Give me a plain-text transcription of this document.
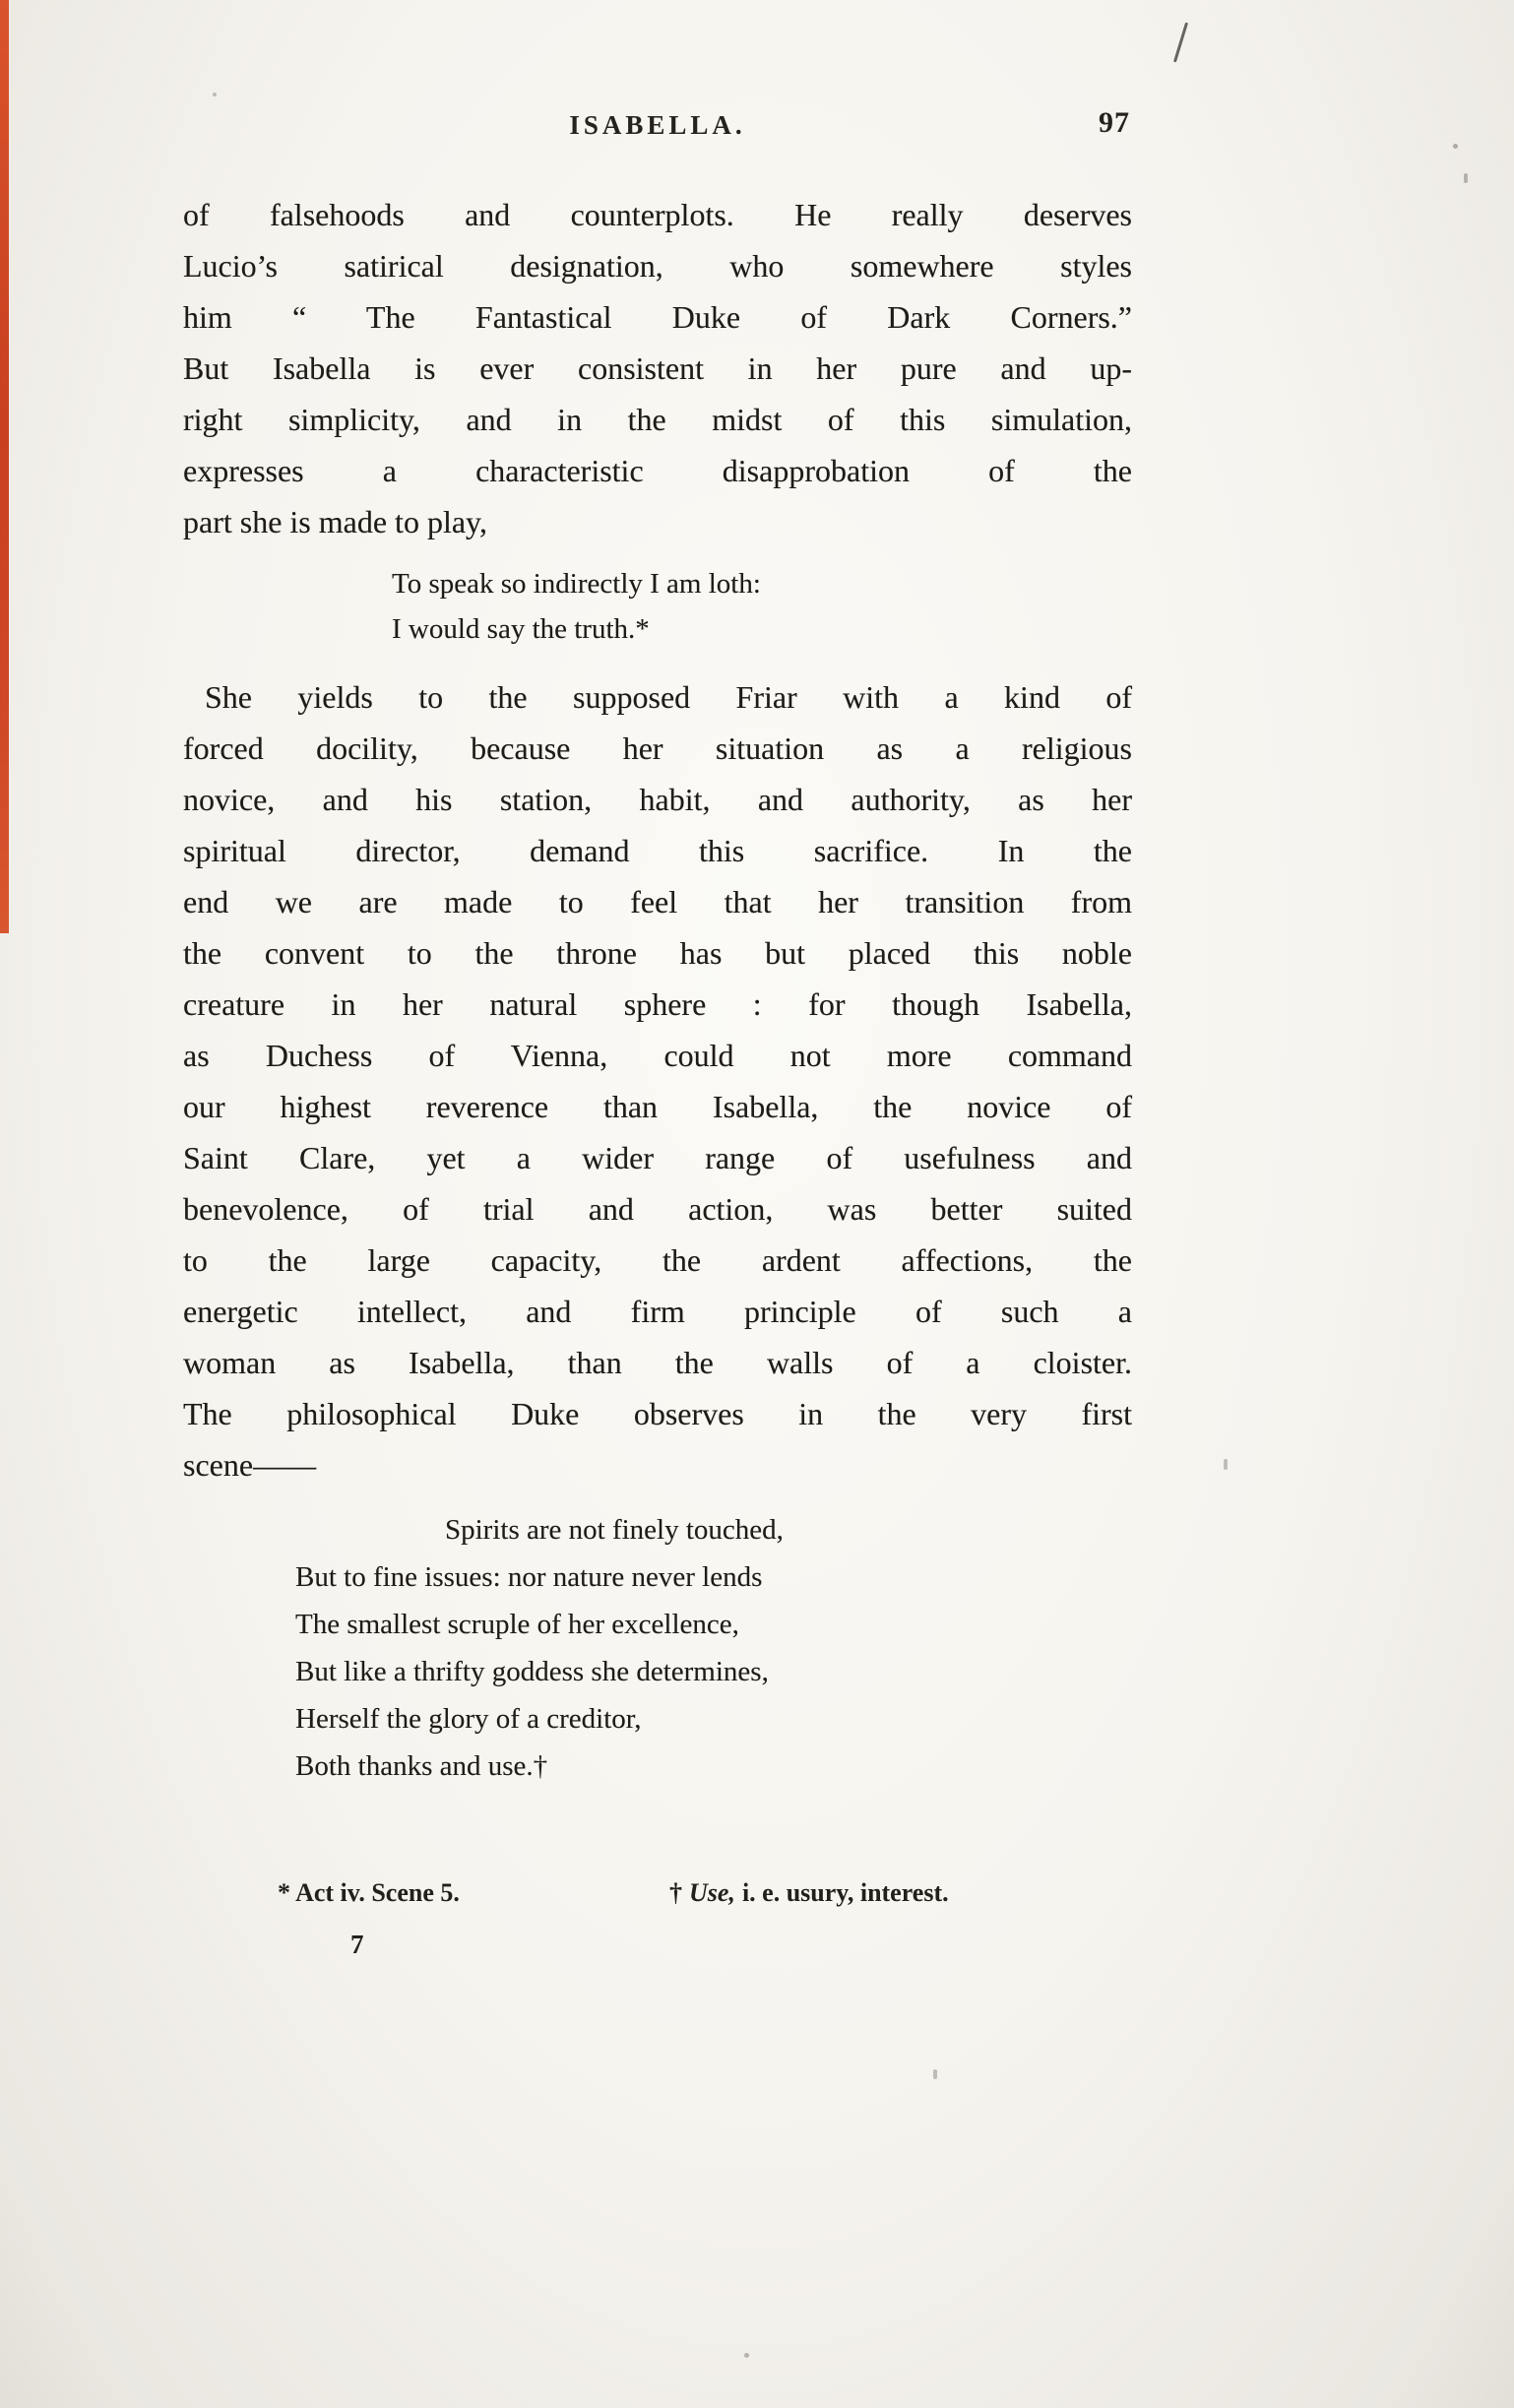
ISABELLA.	97
of falsehoods and counterplots. He really deserves
Lucio’s satirical designation, who somewhere styles
him “ The Fantastical Duke of Dark Corners.”
But Isabella is ever consistent in her pure and up-
right simplicity, and in the midst of this simulation,
expresses a characteristic disapprobation of the
part she is made to play,
To speak so indirectly I am loth:
I would say the truth.*
She yields to the supposed Friar with a kind of
forced docility, because her situation as a religious
novice, and his station, habit, and authority, as her
spiritual director, demand this sacrifice. In the
end we are made to feel that her transition from
the convent to the throne has but placed this noble
creature in her natural sphere : for though Isabella,
as Duchess of Vienna, could not more command
our highest reverence than Isabella, the novice of
Saint Clare, yet a wider range of usefulness and
benevolence, of trial and action, was better suited
to the large capacity, the ardent affections, the
energetic intellect, and firm principle of such a
woman as Isabella, than the walls of a cloister.
The philosophical Duke observes in the very first
scene——
Spirits are not finely touched,
But to fine issues: nor nature never lends
The smallest scruple of her excellence,
But like a thrifty goddess she determines,
Herself the glory of a creditor,
Both thanks and use.†
* Act iv. Scene 5.	† Use, i. e. usury, interest.
7
